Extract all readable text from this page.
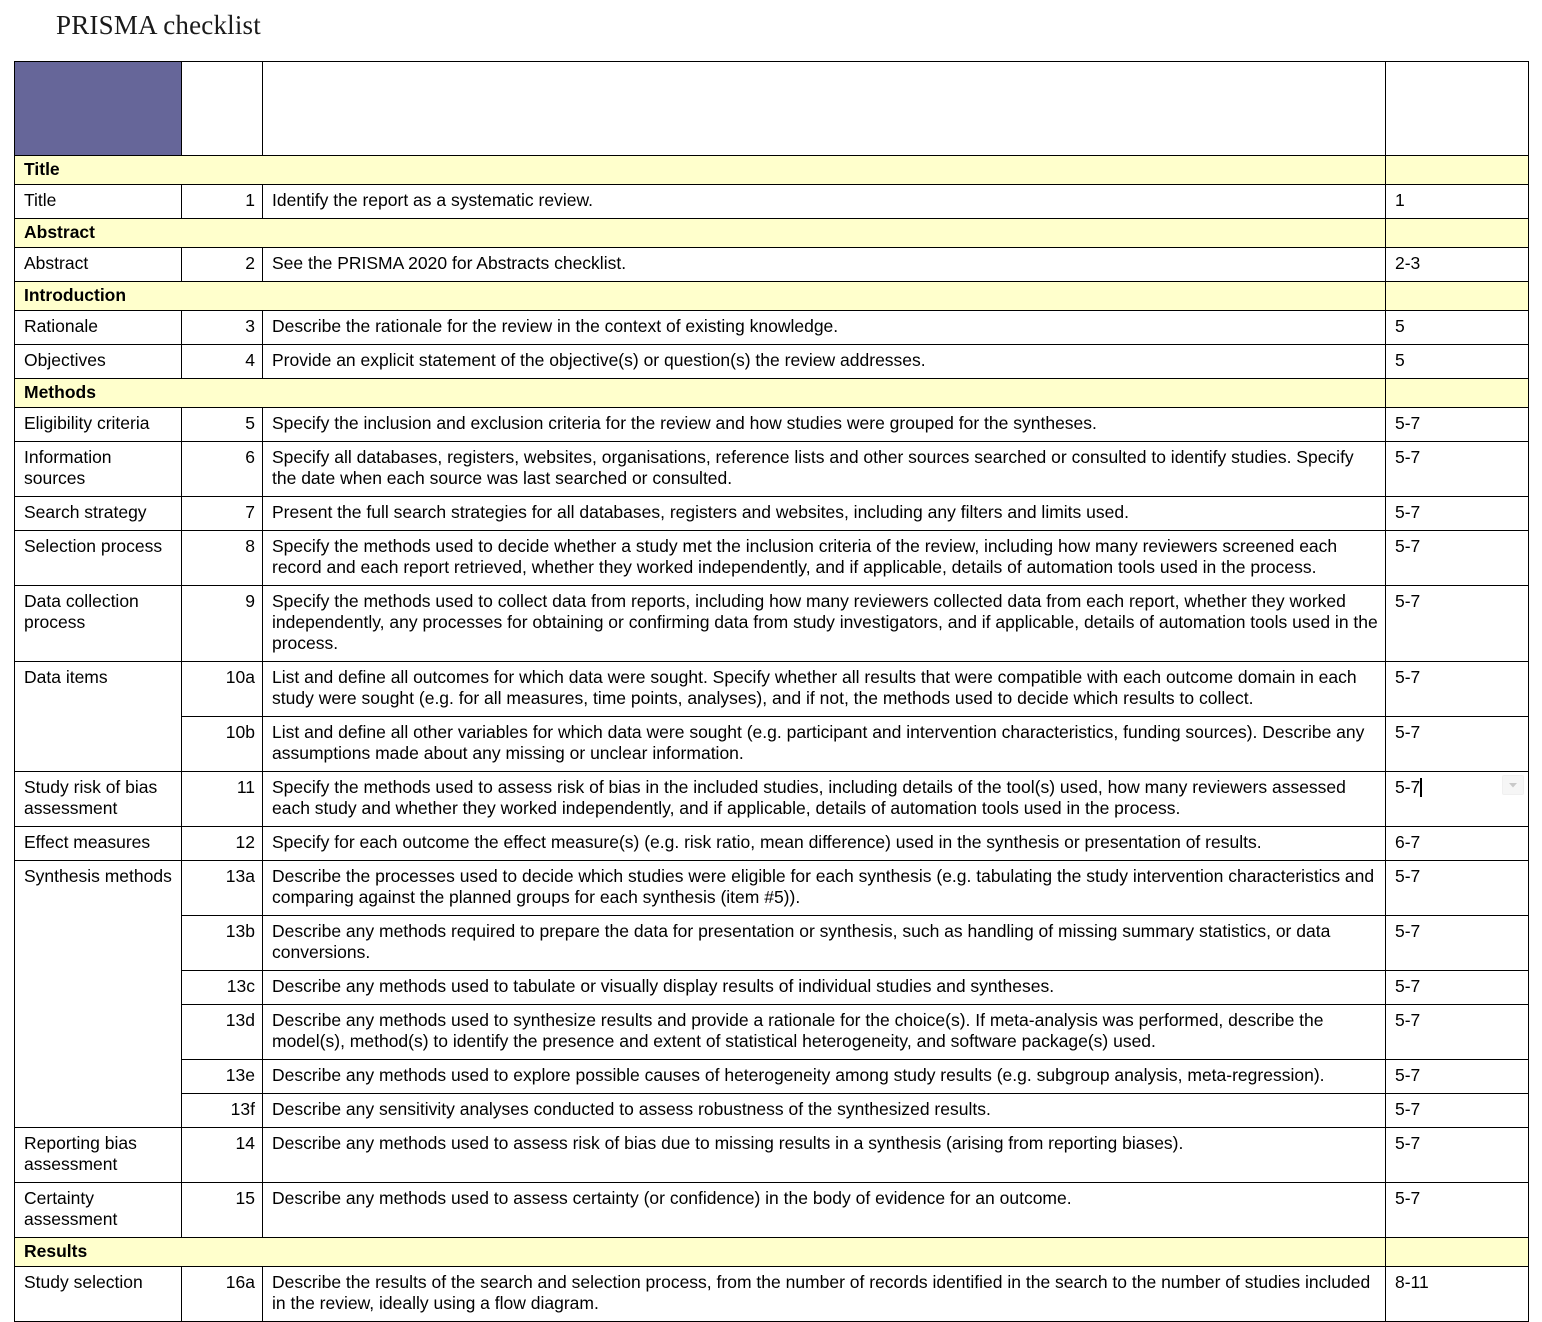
PRISMA checklist
	Item #	Checklist Item	Location
Where Item is
Reported
Title			
Title	1	Identify the report as a systematic review.	1
Abstract			
Abstract	2	See the PRISMA 2020 for Abstracts checklist.	2-3
Introduction			
Rationale	3	Describe the rationale for the review in the context of existing knowledge.	5
Objectives	4	Provide an explicit statement of the objective(s) or question(s) the review addresses.	5
Methods			
Eligibility criteria	5	Specify the inclusion and exclusion criteria for the review and how studies were grouped for the syntheses.	5-7
Information sources	6	Specify all databases, registers, websites, organisations, reference lists and other sources searched or consulted to identify studies. Specify the date when each source was last searched or consulted.	5-7
Search strategy	7	Present the full search strategies for all databases, registers and websites, including any filters and limits used.	5-7
Selection process	8	Specify the methods used to decide whether a study met the inclusion criteria of the review, including how many reviewers screened each record and each report retrieved, whether they worked independently, and if applicable, details of automation tools used in the process.	5-7
Data collection process	9	Specify the methods used to collect data from reports, including how many reviewers collected data from each report, whether they worked independently, any processes for obtaining or confirming data from study investigators, and if applicable, details of automation tools used in the process.	5-7
Data items	10a	List and define all outcomes for which data were sought. Specify whether all results that were compatible with each outcome domain in each study were sought (e.g. for all measures, time points, analyses), and if not, the methods used to decide which results to collect.	5-7
	10b	List and define all other variables for which data were sought (e.g. participant and intervention characteristics, funding sources). Describe any assumptions made about any missing or unclear information.	5-7
Study risk of bias assessment	11	Specify the methods used to assess risk of bias in the included studies, including details of the tool(s) used, how many reviewers assessed each study and whether they worked independently, and if applicable, details of automation tools used in the process.	5-7

Effect measures	12	Specify for each outcome the effect measure(s) (e.g. risk ratio, mean difference) used in the synthesis or presentation of results.	6-7
Synthesis methods	13a	Describe the processes used to decide which studies were eligible for each synthesis (e.g. tabulating the study intervention characteristics and comparing against the planned groups for each synthesis (item #5)).	5-7
	13b	Describe any methods required to prepare the data for presentation or synthesis, such as handling of missing summary statistics, or data conversions.	5-7
	13c	Describe any methods used to tabulate or visually display results of individual studies and syntheses.	5-7
	13d	Describe any methods used to synthesize results and provide a rationale for the choice(s). If meta-analysis was performed, describe the model(s), method(s) to identify the presence and extent of statistical heterogeneity, and software package(s) used.	5-7
	13e	Describe any methods used to explore possible causes of heterogeneity among study results (e.g. subgroup analysis, meta-regression).	5-7
	13f	Describe any sensitivity analyses conducted to assess robustness of the synthesized results.	5-7
Reporting bias assessment	14	Describe any methods used to assess risk of bias due to missing results in a synthesis (arising from reporting biases).	5-7
Certainty assessment	15	Describe any methods used to assess certainty (or confidence) in the body of evidence for an outcome.	5-7
Results			
Study selection	16a	Describe the results of the search and selection process, from the number of records identified in the search to the number of studies included in the review, ideally using a flow diagram.	8-11
